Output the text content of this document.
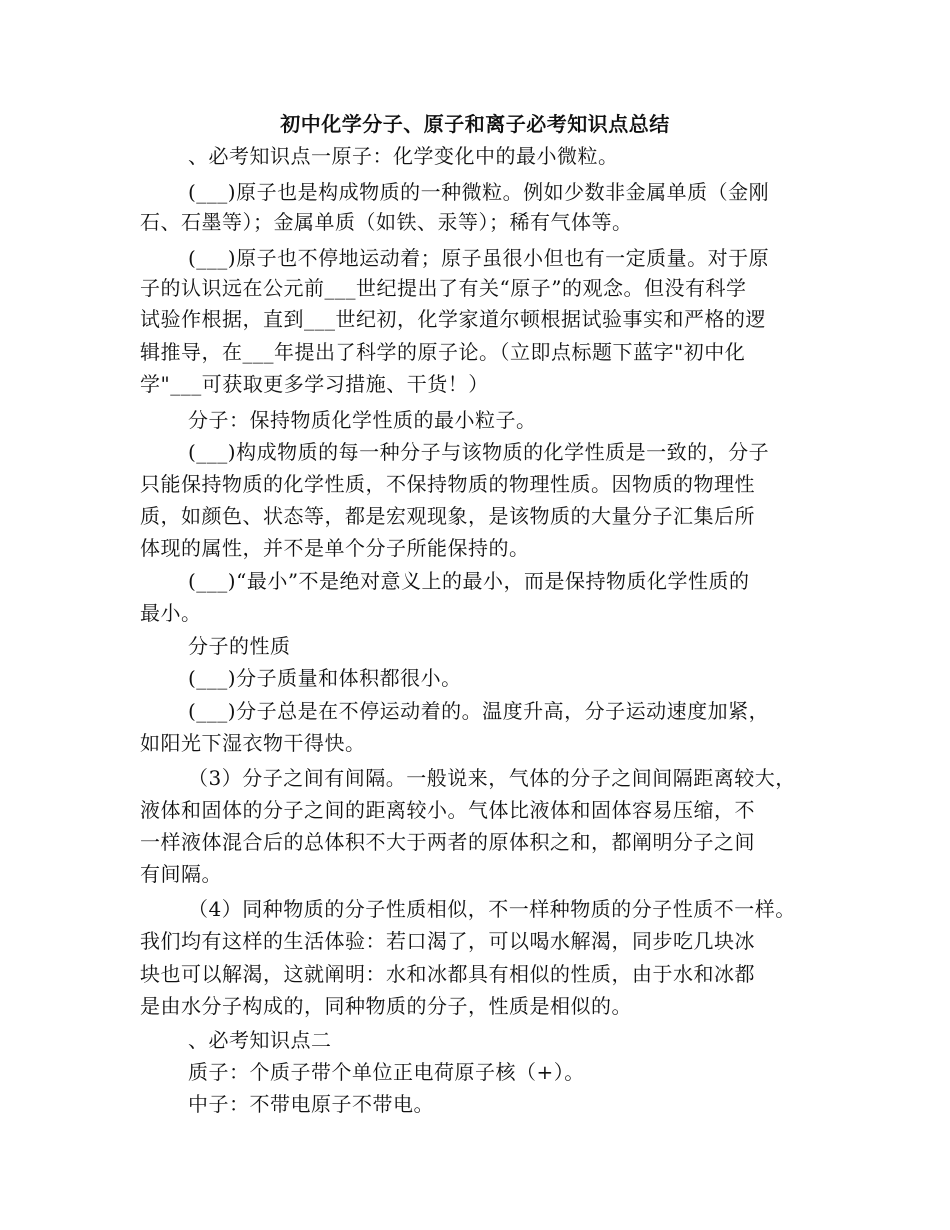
初中化学分子、原子和离子必考知识点总结
、必考知识点一原子：化学变化中的最小微粒。
(___)原子也是构成物质的一种微粒。例如少数非金属单质（金刚
石、石墨等）；金属单质（如铁、汞等）；稀有气体等。
(___)原子也不停地运动着；原子虽很小但也有一定质量。对于原
子的认识远在公元前___世纪提出了有关“原子”的观念。但没有科学
试验作根据，直到___世纪初，化学家道尔顿根据试验事实和严格的逻
辑推导，在___年提出了科学的原子论。（立即点标题下蓝字"初中化
学"___可获取更多学习措施、干货！）
分子：保持物质化学性质的最小粒子。
(___)构成物质的每一种分子与该物质的化学性质是一致的，分子
只能保持物质的化学性质，不保持物质的物理性质。因物质的物理性
质，如颜色、状态等，都是宏观现象，是该物质的大量分子汇集后所
体现的属性，并不是单个分子所能保持的。
(___)“最小”不是绝对意义上的最小，而是保持物质化学性质的
最小。
分子的性质
(___)分子质量和体积都很小。
(___)分子总是在不停运动着的。温度升高，分子运动速度加紧，
如阳光下湿衣物干得快。
（3）分子之间有间隔。一般说来，气体的分子之间间隔距离较大，
液体和固体的分子之间的距离较小。气体比液体和固体容易压缩，不
一样液体混合后的总体积不大于两者的原体积之和，都阐明分子之间
有间隔。
（4）同种物质的分子性质相似，不一样种物质的分子性质不一样。
我们均有这样的生活体验：若口渴了，可以喝水解渴，同步吃几块冰
块也可以解渴，这就阐明：水和冰都具有相似的性质，由于水和冰都
是由水分子构成的，同种物质的分子，性质是相似的。
、必考知识点二
质子：个质子带个单位正电荷原子核（+）。
中子：不带电原子不带电。
